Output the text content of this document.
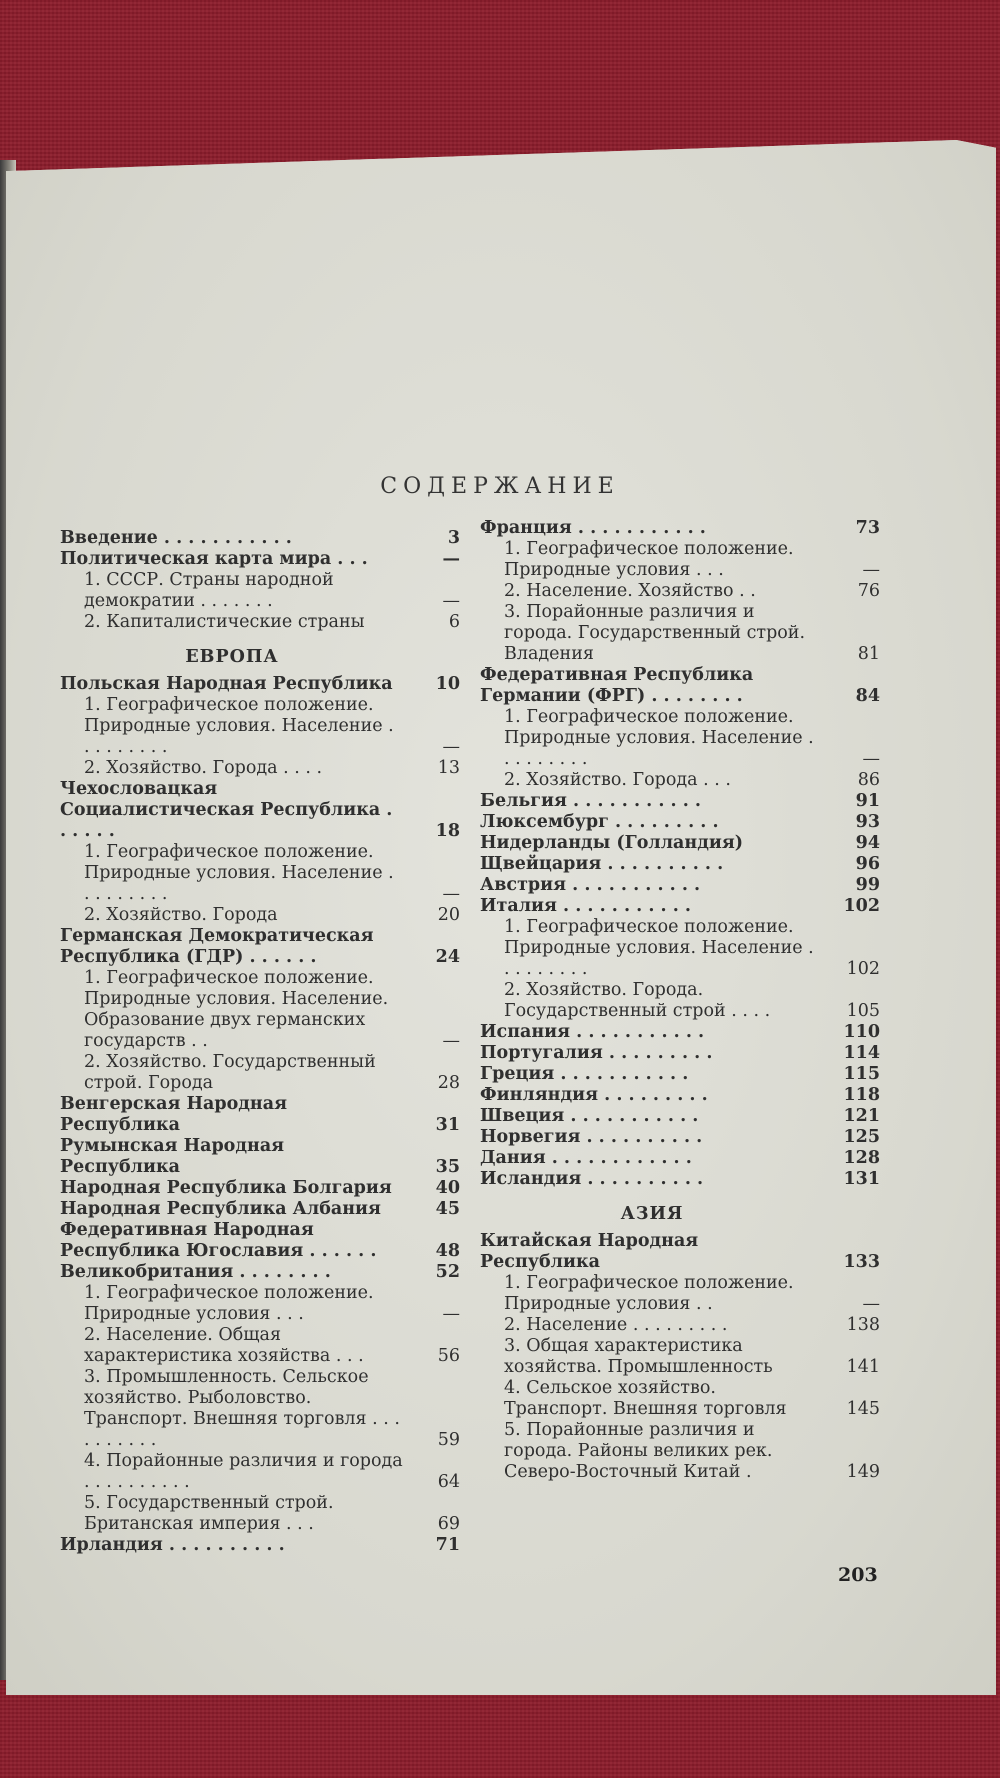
СОДЕРЖАНИЕ
Введение . . . . . . . . . . .	3
Политическая карта мира . . .	—
1. СССР. Страны народной демократии . . . . . . .	—
2. Капиталистические страны	6
ЕВРОПА
Польская Народная Республика	10
1. Географическое положение. Природные условия. Население . . . . . . . . .	—
2. Хозяйство. Города . . . .	13
Чехословацкая Социалистическая Республика . . . . . .	18
1. Географическое положение. Природные условия. Население . . . . . . . . .	—
2. Хозяйство. Города	20
Германская Демократическая Республика (ГДР) . . . . . .	24
1. Географическое положение. Природные условия. Население. Образование двух германских государств . .	—
2. Хозяйство. Государственный строй. Города	28
Венгерская Народная Республика	31
Румынская Народная Республика	35
Народная Республика Болгария	40
Народная Республика Албания	45
Федеративная Народная Республика Югославия . . . . . .	48
Великобритания . . . . . . . .	52
1. Географическое положение. Природные условия . . .	—
2. Население. Общая характеристика хозяйства . . .	56
3. Промышленность. Сельское хозяйство. Рыболовство. Транспорт. Внешняя торговля . . . . . . . . . .	59
4. Порайонные различия и города . . . . . . . . . .	64
5. Государственный строй. Британская империя . . .	69
Ирландия . . . . . . . . . .	71
Франция . . . . . . . . . . .	73
1. Географическое положение. Природные условия . . .	—
2. Население. Хозяйство . .	76
3. Порайонные различия и города. Государственный строй. Владения	81
Федеративная Республика Германии (ФРГ) . . . . . . . .	84
1. Географическое положение. Природные условия. Население . . . . . . . . .	—
2. Хозяйство. Города . . .	86
Бельгия . . . . . . . . . . .	91
Люксембург . . . . . . . . .	93
Нидерланды (Голландия)	94
Щвейцария . . . . . . . . . .	96
Австрия . . . . . . . . . . .	99
Италия . . . . . . . . . . .	102
1. Географическое положение. Природные условия. Население . . . . . . . . .	102
2. Хозяйство. Города. Государственный строй . . . .	105
Испания . . . . . . . . . . .	110
Португалия . . . . . . . . .	114
Греция . . . . . . . . . . .	115
Финляндия . . . . . . . . .	118
Швеция . . . . . . . . . . .	121
Норвегия . . . . . . . . . .	125
Дания . . . . . . . . . . . .	128
Исландия . . . . . . . . . .	131
АЗИЯ
Китайская Народная Республика	133
1. Географическое положение. Природные условия . .	—
2. Население . . . . . . . . .	138
3. Общая характеристика хозяйства. Промышленность	141
4. Сельское хозяйство. Транспорт. Внешняя торговля	145
5. Порайонные различия и города. Районы великих рек. Северо-Восточный Китай .	149
203
